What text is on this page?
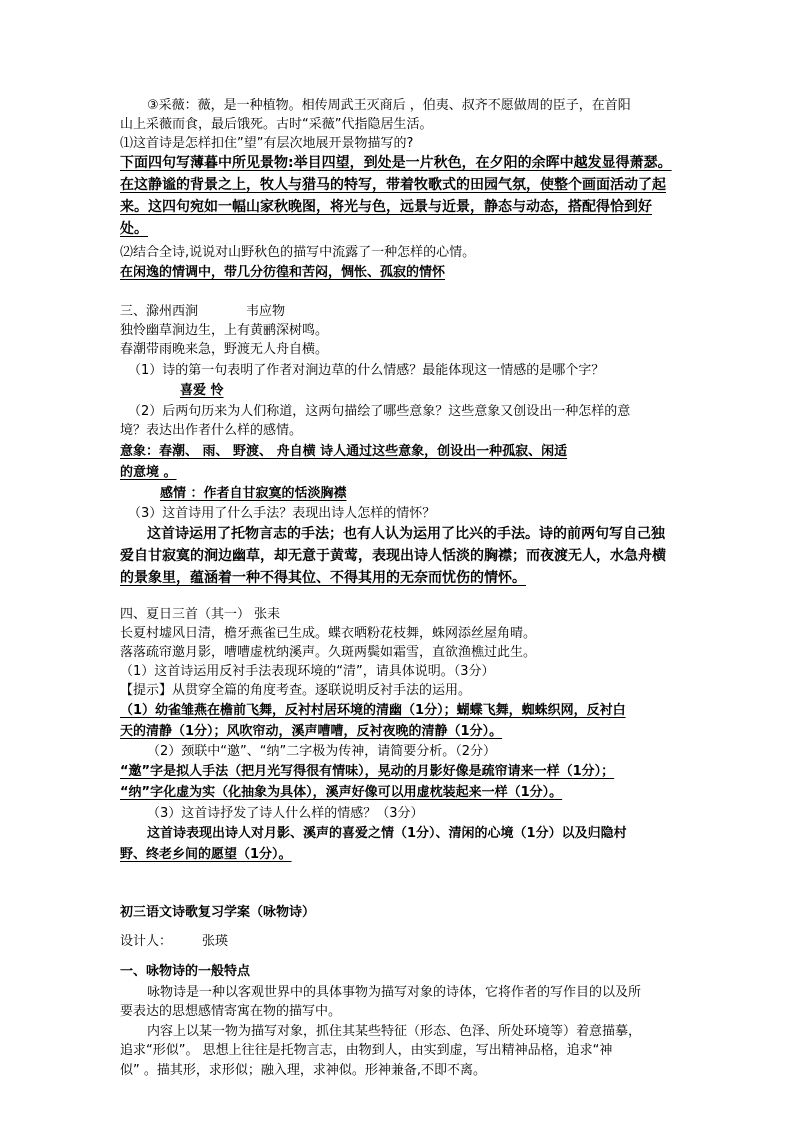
③采薇：薇，是一种植物。相传周武王灭商后 ，伯夷、叔齐不愿做周的臣子，在首阳
山上采薇而食，最后饿死。古时“采薇”代指隐居生活。
⑴这首诗是怎样扣住”望”有层次地展开景物描写的?
下面四句写薄暮中所见景物:举目四望，到处是一片秋色，在夕阳的余晖中越发显得萧瑟。
在这静谧的背景之上，牧人与猎马的特写，带着牧歌式的田园气氛，使整个画面活动了起
来。这四句宛如一幅山家秋晚图，将光与色，远景与近景，静态与动态，搭配得恰到好
处。
⑵结合全诗,说说对山野秋色的描写中流露了一种怎样的心情。
在闲逸的情调中，带几分彷徨和苦闷，惆怅、孤寂的情怀
三、滁州西涧	韦应物
独怜幽草涧边生，上有黄鹂深树鸣。
春潮带雨晚来急，野渡无人舟自横。
（1）诗的第一句表明了作者对涧边草的什么情感？最能体现这一情感的是哪个字？
喜爱 怜
（2）后两句历来为人们称道，这两句描绘了哪些意象？这些意象又创设出一种怎样的意
境？表达出作者什么样的感情。
意象：春潮、 雨、 野渡、 舟自横 诗人通过这些意象，创设出一种孤寂、闲适
的意境 。
感情 ：作者自甘寂寞的恬淡胸襟
（3）这首诗用了什么手法？表现出诗人怎样的情怀？
这首诗运用了托物言志的手法；也有人认为运用了比兴的手法。诗的前两句写自己独
爱自甘寂寞的涧边幽草，却无意于黄莺，表现出诗人恬淡的胸襟；而夜渡无人，水急舟横
的景象里，蕴涵着一种不得其位、不得其用的无奈而忧伤的情怀。
四、夏日三首（其一） 张耒
长夏村墟风日清，檐牙燕雀已生成。蝶衣晒粉花枝舞，蛛网添丝屋角晴。
落落疏帘邀月影，嘈嘈虚枕纳溪声。久斑两鬓如霜雪，直欲渔樵过此生。
（1）这首诗运用反衬手法表现环境的“清”，请具体说明。（3分）
【提示】从贯穿全篇的角度考查。逐联说明反衬手法的运用。
（1）幼雀雏燕在檐前飞舞，反衬村居环境的清幽（1分）；蝴蝶飞舞，蜘蛛织网，反衬白
天的清静（1分）；风吹帘动，溪声嘈嘈，反衬夜晚的清静（1分）。
（2）颈联中“邀”、“纳”二字极为传神，请简要分析。（2分）
“邀”字是拟人手法（把月光写得很有情味），晃动的月影好像是疏帘请来一样（1分）；
“纳”字化虚为实（化抽象为具体），溪声好像可以用虚枕装起来一样（1分）。
（3）这首诗抒发了诗人什么样的情感？（3分）
这首诗表现出诗人对月影、溪声的喜爱之情（1分）、清闲的心境（1分）以及归隐村
野、终老乡间的愿望（1分）。
初三语文诗歌复习学案（咏物诗）
设计人： 张瑛
一、咏物诗的一般特点
咏物诗是一种以客观世界中的具体事物为描写对象的诗体，它将作者的写作目的以及所
要表达的思想感情寄寓在物的描写中。
内容上以某一物为描写对象，抓住其某些特征（形态、色泽、所处环境等）着意描摹，
追求“形似”。 思想上往往是托物言志，由物到人，由实到虚，写出精神品格，追求“神
似” 。描其形，求形似；融入理，求神似。形神兼备,不即不离。
